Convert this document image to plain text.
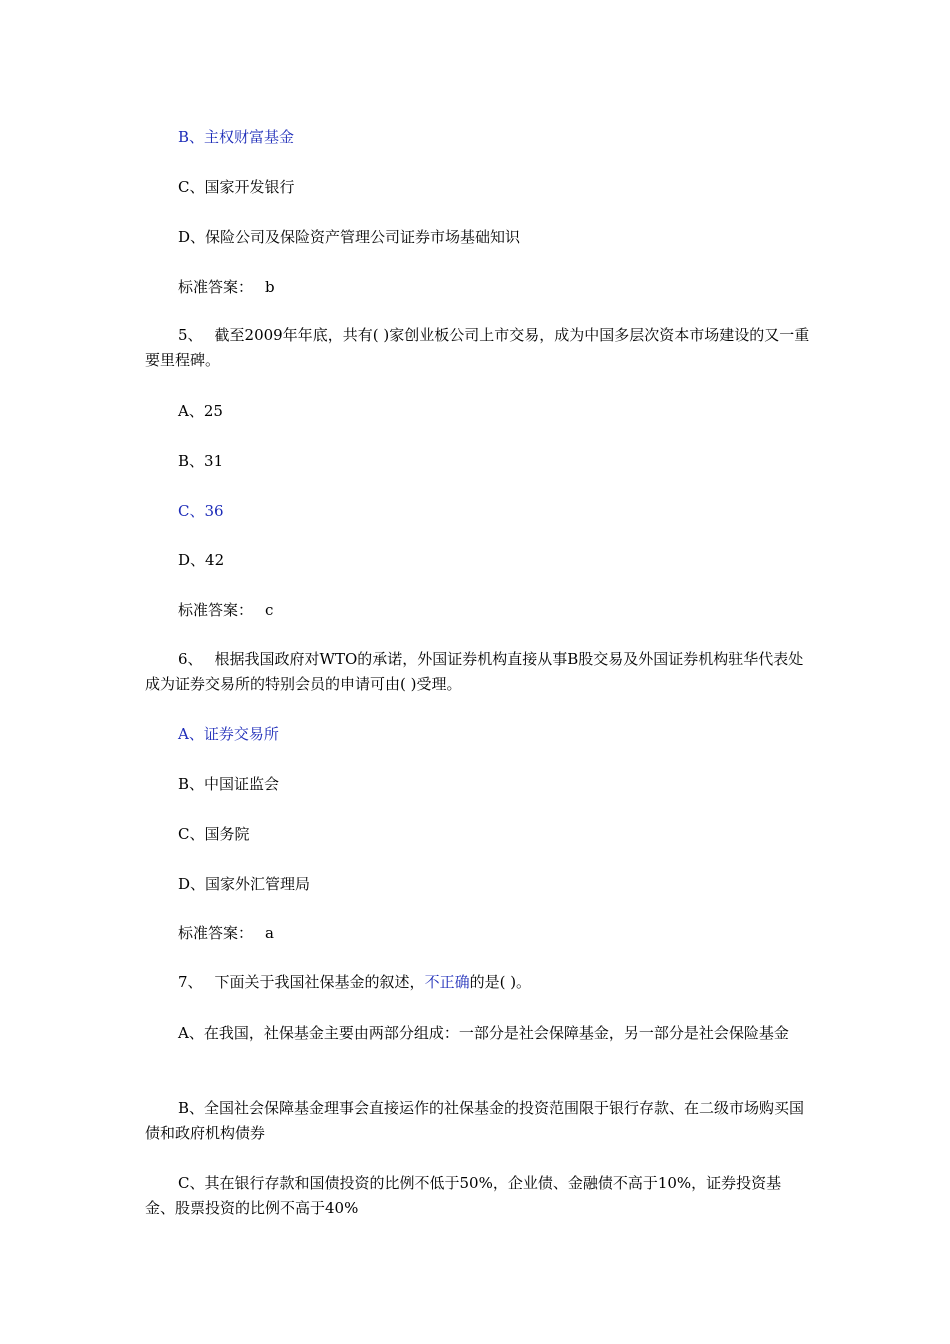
B、主权财富基金
C、国家开发银行
D、保险公司及保险资产管理公司证券市场基础知识
标准答案： b
5、 截至2009年年底，共有( )家创业板公司上市交易，成为中国多层次资本市场建设的又一重要里程碑。
A、25
B、31
C、36
D、42
标准答案： c
6、 根据我国政府对WTO的承诺，外国证券机构直接从事B股交易及外国证券机构驻华代表处成为证券交易所的特别会员的申请可由( )受理。
A、证券交易所
B、中国证监会
C、国务院
D、国家外汇管理局
标准答案： a
7、 下面关于我国社保基金的叙述，不正确的是( )。
A、在我国，社保基金主要由两部分组成：一部分是社会保障基金，另一部分是社会保险基金
B、全国社会保障基金理事会直接运作的社保基金的投资范围限于银行存款、在二级市场购买国债和政府机构债券
C、其在银行存款和国债投资的比例不低于50%，企业债、金融债不高于10%，证券投资基金、股票投资的比例不高于40%
